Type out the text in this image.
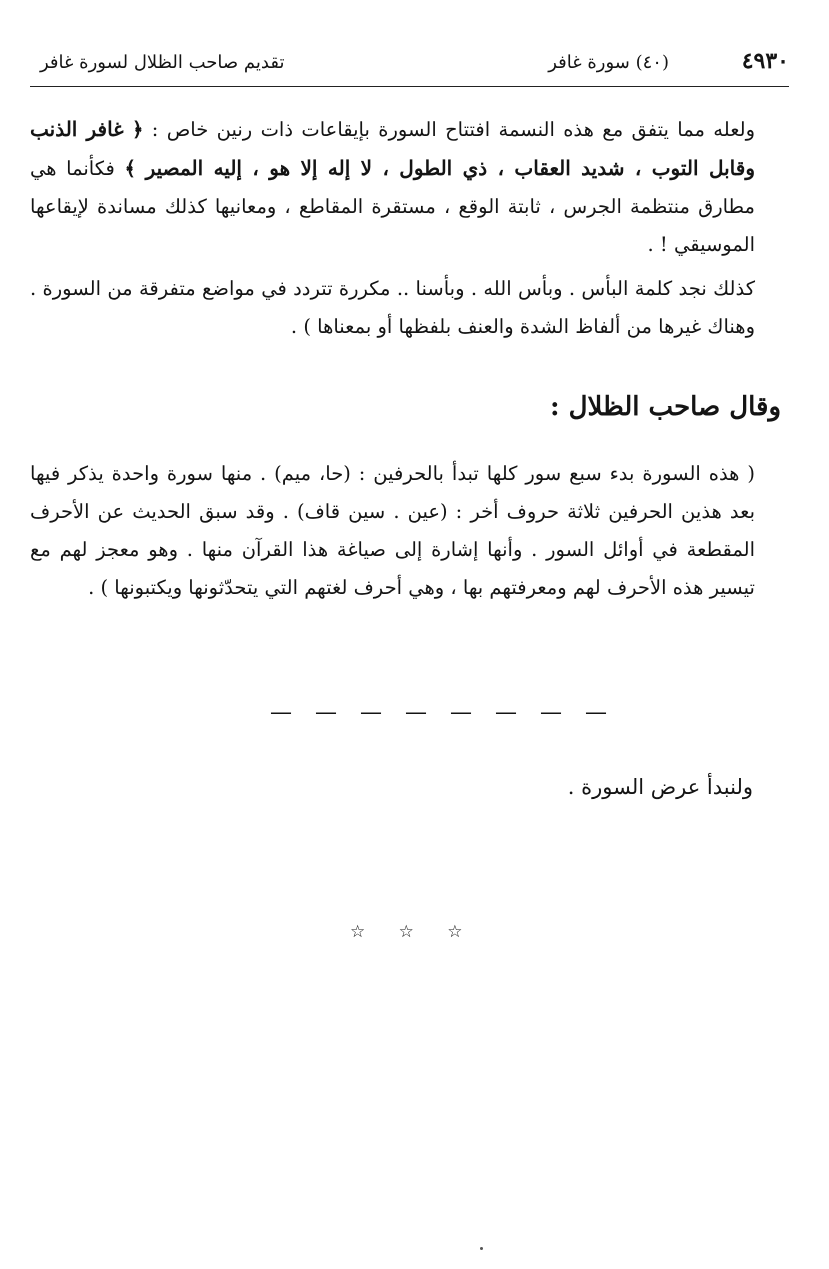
٤٩٣٠
(٤٠) سورة غافر
تقديم صاحب الظلال لسورة غافر
ولعله مما يتفق مع هذه النسمة افتتاح السورة بإيقاعات ذات رنين خاص : ﴿ غافر الذنب وقابل التوب ، شديد العقاب ، ذي الطول ، لا إله إلا هو ، إليه المصير ﴾ فكأنما هي مطارق منتظمة الجرس ، ثابتة الوقع ، مستقرة المقاطع ، ومعانيها كذلك مساندة لإيقاعها الموسيقي ! .
كذلك نجد كلمة البأس . وبأس الله . وبأسنا .. مكررة تتردد في مواضع متفرقة من السورة . وهناك غيرها من ألفاظ الشدة والعنف بلفظها أو بمعناها ) .
وقال صاحب الظلال :
( هذه السورة بدء سبع سور كلها تبدأ بالحرفين : (حا، ميم) . منها سورة واحدة يذكر فيها بعد هذين الحرفين ثلاثة حروف أخر : (عين . سين قاف) . وقد سبق الحديث عن الأحرف المقطعة في أوائل السور . وأنها إشارة إلى صياغة هذا القرآن منها . وهو معجز لهم مع تيسير هذه الأحرف لهم ومعرفتهم بها ، وهي أحرف لغتهم التي يتحدّثونها ويكتبونها ) .
— — — — — — — —
ولنبدأ عرض السورة .
☆ ☆ ☆
